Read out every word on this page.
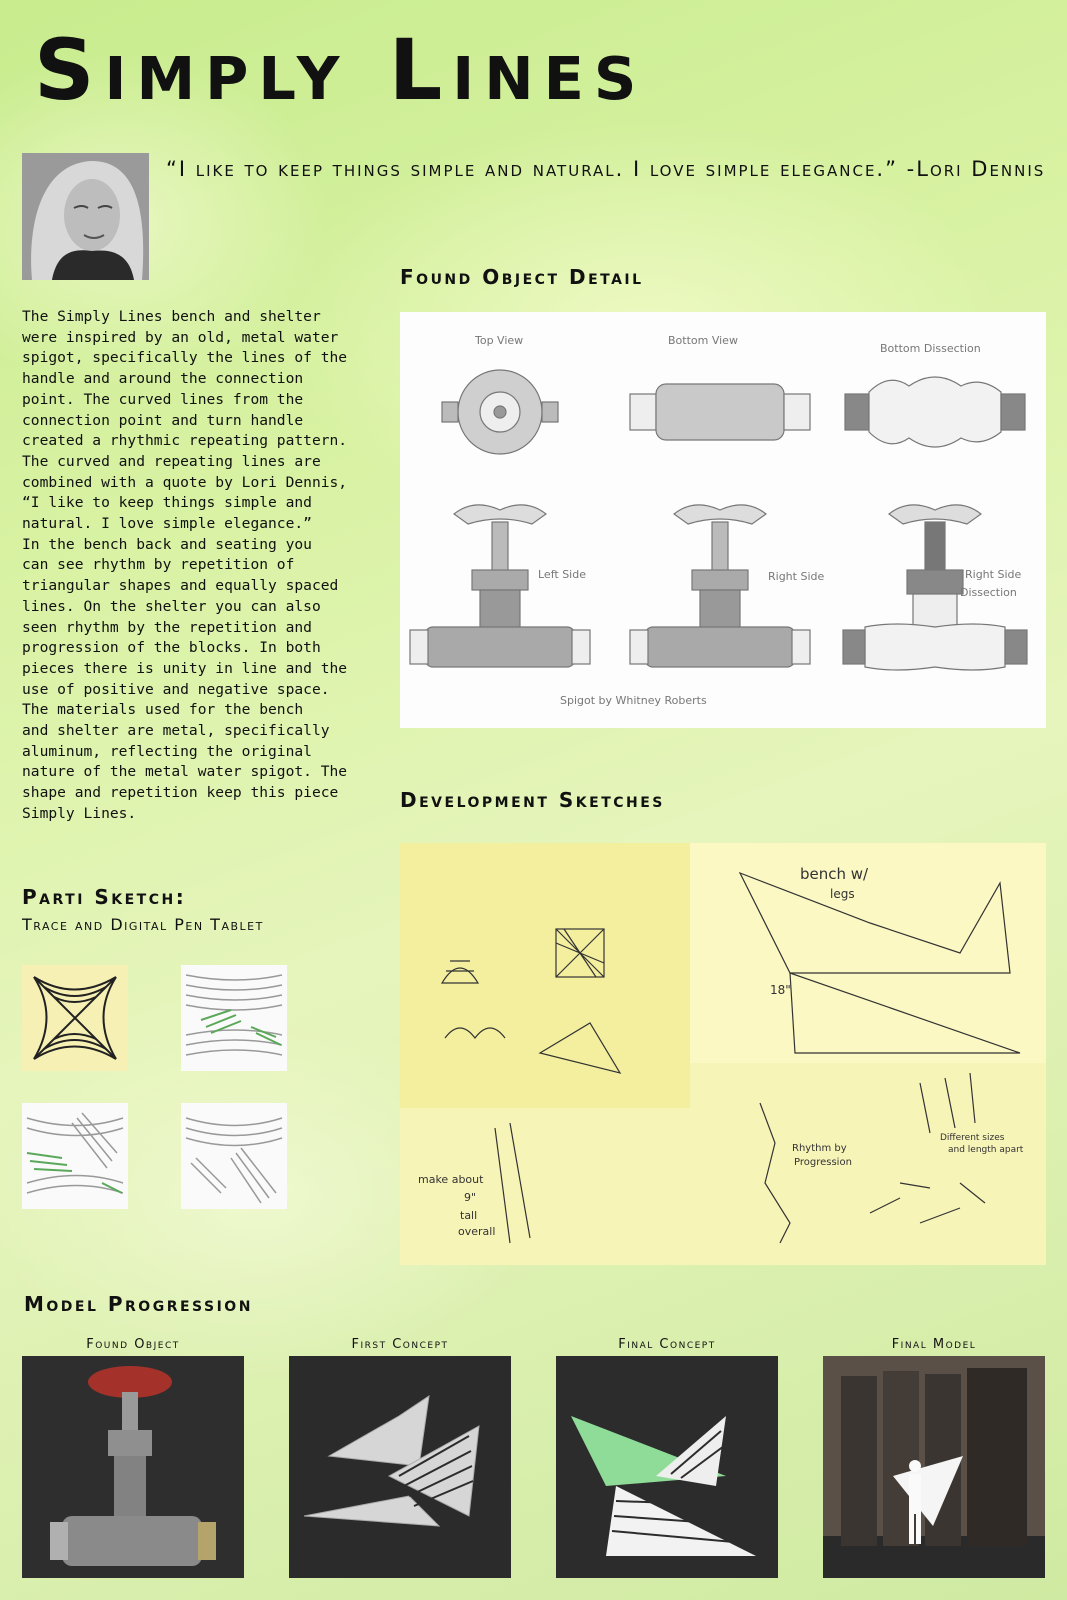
Simply Lines
“I like to keep things simple and natural. I love simple elegance.” -Lori Dennis
The Simply Lines bench and shelter
were inspired by an old, metal water
spigot, specifically the lines of the
handle and around the connection
point. The curved lines from the
connection point and turn handle
created a rhythmic repeating pattern.
The curved and repeating lines are
combined with a quote by Lori Dennis,
“I like to keep things simple and
natural. I love simple elegance.”
In the bench back and seating you
can see rhythm by repetition of
triangular shapes and equally spaced
lines. On the shelter you can also
seen rhythm by the repetition and
progression of the blocks. In both
pieces there is unity in line and the
use of positive and negative space.
The materials used for the bench
and shelter are metal, specifically
aluminum, reflecting the original
nature of the metal water spigot. The
shape and repetition keep this piece
Simply Lines.
Found Object Detail
Top View	Bottom View
Bottom Dissection
Left Side	Right Side	Right Side
Dissection
Spigot by Whitney Roberts
Development Sketches
bench w/
legs
18"
make about
9"
tall
overall
Rhythm by
Progression
Different sizes
and length apart
Parti Sketch:
Trace and Digital Pen Tablet
Model Progression
Found Object	First Concept	Final Concept	Final Model
